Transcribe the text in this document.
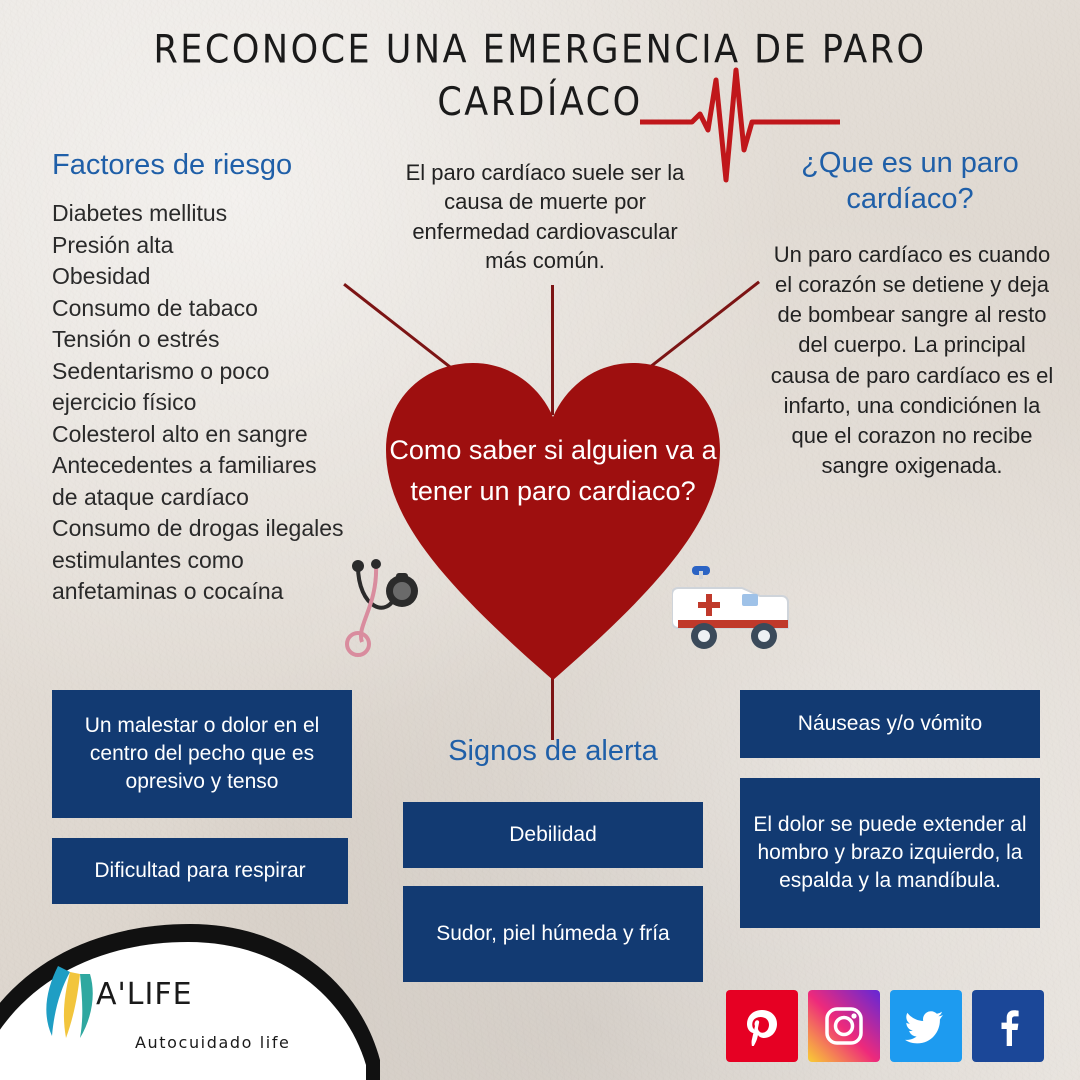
RECONOCE UNA EMERGENCIA DE PARO
CARDÍACO
Factores de riesgo
Diabetes mellitus
Presión alta
Obesidad
Consumo de tabaco
Tensión o estrés
Sedentarismo o poco
ejercicio físico
Colesterol alto en sangre
Antecedentes a familiares
de ataque cardíaco
Consumo de drogas ilegales
estimulantes como
anfetaminas o cocaína
El paro cardíaco suele ser la causa de muerte por enfermedad cardiovascular más común.
¿Que es un paro
cardíaco?
Un paro cardíaco es cuando el corazón se detiene y deja de bombear sangre al resto del cuerpo. La principal causa de paro cardíaco es el infarto, una condiciónen la que el corazon no recibe sangre oxigenada.
Como saber si alguien va a tener un paro cardiaco?
Signos de alerta
Un malestar o dolor en el centro del pecho que es opresivo y tenso
Dificultad para respirar
Debilidad
Sudor, piel húmeda y fría
Náuseas y/o vómito
El dolor se puede extender al hombro y brazo izquierdo, la espalda y la mandíbula.
A'LIFE
Autocuidado life
